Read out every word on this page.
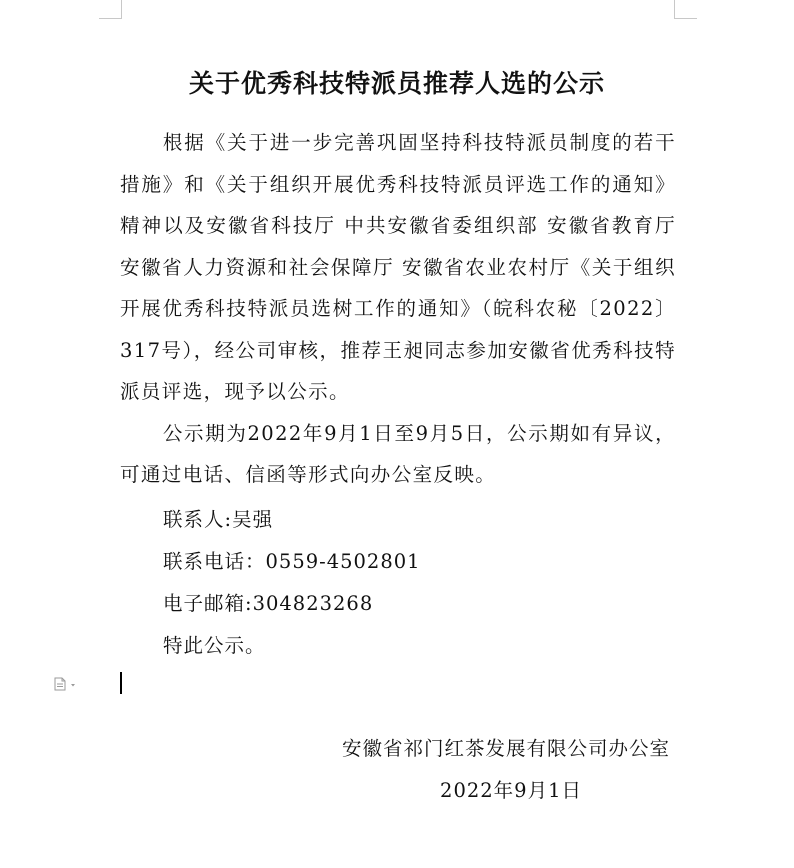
关于优秀科技特派员推荐人选的公示

根据《关于进一步完善巩固坚持科技特派员制度的若干措施》和《关于组织开展优秀科技特派员评选工作的通知》精神以及安徽省科技厅 中共安徽省委组织部 安徽省教育厅 安徽省人力资源和社会保障厅 安徽省农业农村厅《关于组织开展优秀科技特派员选树工作的通知》（皖科农秘〔2022〕317号），经公司审核，推荐王昶同志参加安徽省优秀科技特派员评选，现予以公示。

公示期为2022年9月1日至9月5日，公示期如有异议，可通过电话、信函等形式向办公室反映。

联系人:吴强
联系电话：0559-4502801
电子邮箱:304823268
特此公示。
安徽省祁门红茶发展有限公司办公室
2022年9月1日
